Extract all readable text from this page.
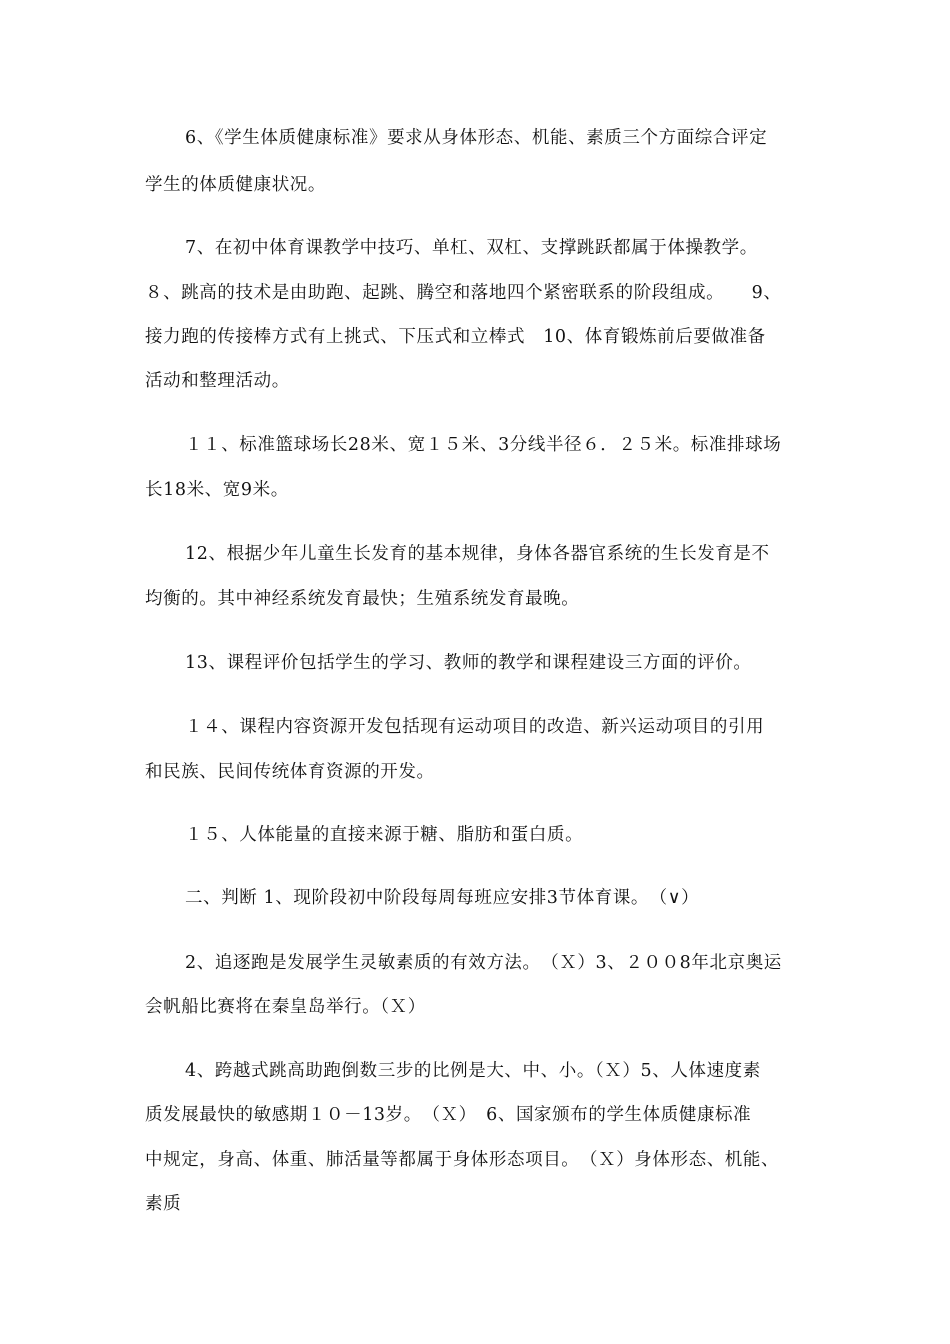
6、《学生体质健康标准》要求从身体形态、机能、素质三个方面综合评定
学生的体质健康状况。
7、在初中体育课教学中技巧、单杠、双杠、支撑跳跃都属于体操教学。
８、跳高的技术是由助跑、起跳、腾空和落地四个紧密联系的阶段组成。　　9、
接力跑的传接棒方式有上挑式、下压式和立棒式　10、体育锻炼前后要做准备
活动和整理活动。
１１、标准篮球场长28米、宽１５米、3分线半径６．２５米。标准排球场
长18米、宽9米。
12、根据少年儿童生长发育的基本规律，身体各器官系统的生长发育是不
均衡的。其中神经系统发育最快；生殖系统发育最晚。
13、课程评价包括学生的学习、教师的教学和课程建设三方面的评价。
１４、课程内容资源开发包括现有运动项目的改造、新兴运动项目的引用
和民族、民间传统体育资源的开发。
１５、人体能量的直接来源于糖、脂肪和蛋白质。
二、判断 1、现阶段初中阶段每周每班应安排3节体育课。　（∨）
2、追逐跑是发展学生灵敏素质的有效方法。　（Ｘ）3、２００8年北京奥运
会帆船比赛将在秦皇岛举行。（Ｘ）
4、跨越式跳高助跑倒数三步的比例是大、中、小。（Ｘ）5、人体速度素
质发展最快的敏感期１０－13岁。　（Ｘ）　6、国家颁布的学生体质健康标准
中规定，身高、体重、肺活量等都属于身体形态项目。　（Ｘ）身体形态、机能、
素质
